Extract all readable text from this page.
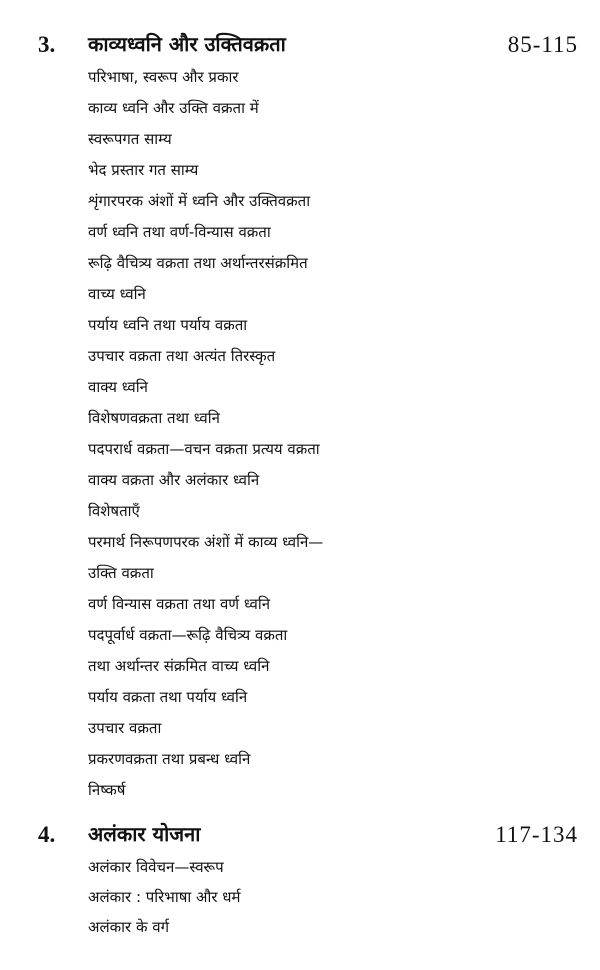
3. काव्यध्वनि और उक्तिवक्रता	85-115
परिभाषा, स्वरूप और प्रकार
काव्य ध्वनि और उक्ति वक्रता में
स्वरूपगत साम्य
भेद प्रस्तार गत साम्य
शृंगारपरक अंशों में ध्वनि और उक्तिवक्रता
वर्ण ध्वनि तथा वर्ण-विन्यास वक्रता
रूढ़ि वैचित्र्य वक्रता तथा अर्थान्तरसंक्रमित
वाच्य ध्वनि
पर्याय ध्वनि तथा पर्याय वक्रता
उपचार वक्रता तथा अत्यंत तिरस्कृत
वाक्य ध्वनि
विशेषणवक्रता तथा ध्वनि
पदपरार्ध वक्रता—वचन वक्रता प्रत्यय वक्रता
वाक्य वक्रता और अलंकार ध्वनि
विशेषताएँ
परमार्थ निरूपणपरक अंशों में काव्य ध्वनि—
उक्ति वक्रता
वर्ण विन्यास वक्रता तथा वर्ण ध्वनि
पदपूर्वार्ध वक्रता—रूढ़ि वैचित्र्य वक्रता
तथा अर्थान्तर संक्रमित वाच्य ध्वनि
पर्याय वक्रता तथा पर्याय ध्वनि
उपचार वक्रता
प्रकरणवक्रता तथा प्रबन्ध ध्वनि
निष्कर्ष
4. अलंकार योजना	117-134
अलंकार विवेचन—स्वरूप
अलंकार : परिभाषा और धर्म
अलंकार के वर्ग
